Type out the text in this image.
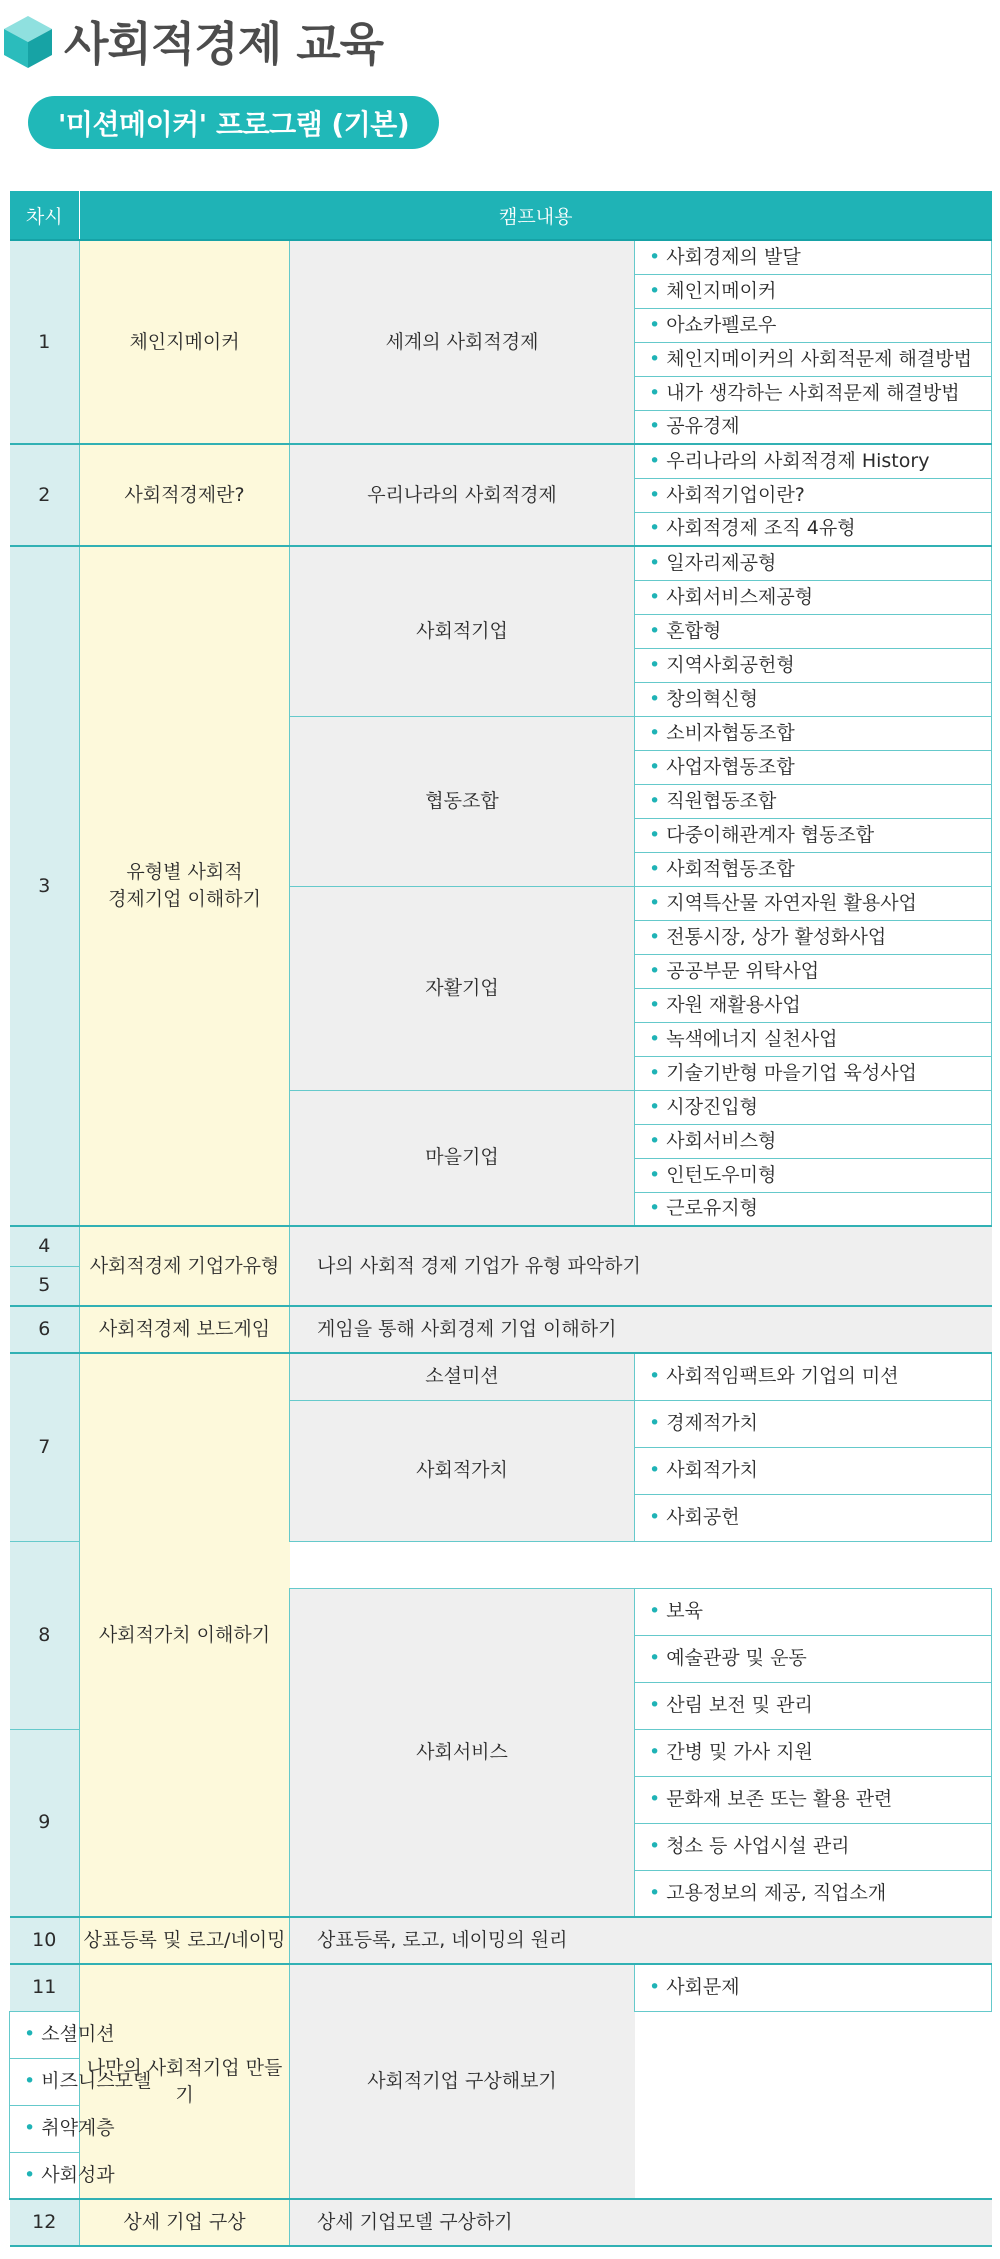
사회적경제 교육
'미션메이커' 프로그램 (기본)
차시	캠프내용		
1	체인지메이커	세계의 사회적경제	• 사회경제의 발달
			• 체인지메이커
			• 아쇼카펠로우
			• 체인지메이커의 사회적문제 해결방법
			• 내가 생각하는 사회적문제 해결방법
			• 공유경제
2	사회적경제란?	우리나라의 사회적경제	• 우리나라의 사회적경제 History
			• 사회적기업이란?
			• 사회적경제 조직 4유형
3	유형별 사회적
경제기업 이해하기	사회적기업	• 일자리제공형
			• 사회서비스제공형
			• 혼합형
			• 지역사회공헌형
			• 창의혁신형
		협동조합	• 소비자협동조합
			• 사업자협동조합
			• 직원협동조합
			• 다중이해관계자 협동조합
			• 사회적협동조합
		자활기업	• 지역특산물 자연자원 활용사업
			• 전통시장, 상가 활성화사업
			• 공공부문 위탁사업
			• 자원 재활용사업
			• 녹색에너지 실천사업
			• 기술기반형 마을기업 육성사업
		마을기업	• 시장진입형
			• 사회서비스형
			• 인턴도우미형
			• 근로유지형
4	사회적경제 기업가유형	나의 사회적 경제 기업가 유형 파악하기	
5			
6	사회적경제 보드게임	게임을 통해 사회경제 기업 이해하기	
7	사회적가치 이해하기	소셜미션	• 사회적임팩트와 기업의 미션
		사회적가치	• 경제적가치
			• 사회적가치
			• 사회공헌
8			
		사회서비스	• 보육
			• 예술관광 및 운동
			• 산림 보전 및 관리
9			• 간병 및 가사 지원
			• 문화재 보존 또는 활용 관련
			• 청소 등 사업시설 관리
			• 고용정보의 제공, 직업소개
10	상표등록 및 로고/네이밍	상표등록, 로고, 네이밍의 원리	
11	나만의 사회적기업 만들기	사회적기업 구상해보기	• 사회문제
• 소셜미션			
• 비즈니스모델			
• 취약계층			
• 사회성과			
12	상세 기업 구상	상세 기업모델 구상하기	
